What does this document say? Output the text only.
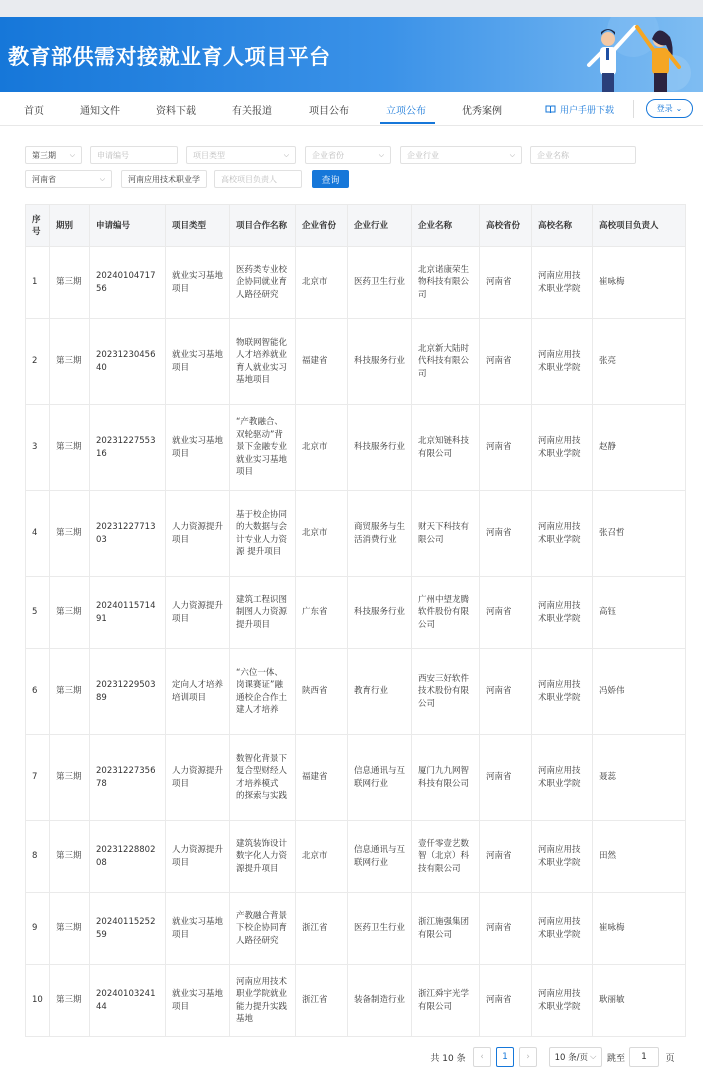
教育部供需对接就业育人项目平台
首页	通知文件	资料下载	有关报道	项目公布	立项公布	优秀案例	用户手册下载	登录 ⌄
第三期 ⌵	申请编号	项目类型	⌵	企业省份	⌵	企业行业	⌵	企业名称
河南省	⌵	河南应用技术职业学	高校项目负责人	查询
序号	期别	申请编号	项目类型	项目合作名称	企业省份	企业行业	企业名称	高校省份	高校名称	高校项目负责人
1	第三期	2024010471756	就业实习基地项目	医药类专业校企协同就业育人路径研究	北京市	医药卫生行业	北京诺康荣生物科技有限公司	河南省	河南应用技术职业学院	崔咏梅
2	第三期	2023123045640	就业实习基地项目	物联网智能化人才培养就业育人就业实习基地项目	福建省	科技服务行业	北京新大陆时代科技有限公司	河南省	河南应用技术职业学院	张亮
3	第三期	2023122755316	就业实习基地项目	“产教融合、双轮驱动”背景下金融专业就业实习基地项目	北京市	科技服务行业	北京知链科技有限公司	河南省	河南应用技术职业学院	赵静
4	第三期	2023122771303	人力资源提升项目	基于校企协同的大数据与会计专业人力资源 提升项目	北京市	商贸服务与生活消费行业	财天下科技有限公司	河南省	河南应用技术职业学院	张召哲
5	第三期	2024011571491	人力资源提升项目	建筑工程识图制图人力资源提升项目	广东省	科技服务行业	广州中望龙腾软件股份有限公司	河南省	河南应用技术职业学院	高钰
6	第三期	2023122950389	定向人才培养培训项目	“六位一体、岗课赛证”融通校企合作土建人才培养	陕西省	教育行业	西安三好软件技术股份有限公司	河南省	河南应用技术职业学院	冯娇伟
7	第三期	2023122735678	人力资源提升项目	数智化背景下复合型财经人才培养模式 的探索与实践	福建省	信息通讯与互联网行业	厦门九九网智科技有限公司	河南省	河南应用技术职业学院	聂蕊
8	第三期	2023122880208	人力资源提升项目	建筑装饰设计数字化人力资源提升项目	北京市	信息通讯与互联网行业	壹仟零壹艺数智（北京）科技有限公司	河南省	河南应用技术职业学院	田然
9	第三期	2024011525259	就业实习基地项目	产教融合背景下校企协同育人路径研究	浙江省	医药卫生行业	浙江施强集团有限公司	河南省	河南应用技术职业学院	崔咏梅
10	第三期	2024010324144	就业实习基地项目	河南应用技术职业学院就业能力提升实践基地	浙江省	装备制造行业	浙江舜宇光学有限公司	河南省	河南应用技术职业学院	耿丽敏
共 10 条	‹	1	›	10 条/页 ⌵ 跳至	1	页
